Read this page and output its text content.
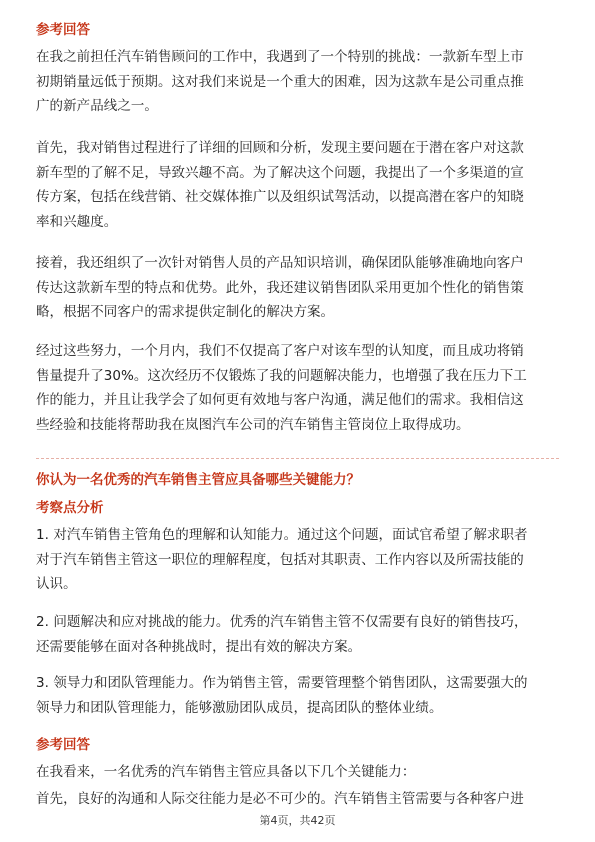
参考回答
在我之前担任汽车销售顾问的工作中，我遇到了一个特别的挑战：一款新车型上市
初期销量远低于预期。这对我们来说是一个重大的困难，因为这款车是公司重点推
广的新产品线之一。
首先，我对销售过程进行了详细的回顾和分析，发现主要问题在于潜在客户对这款
新车型的了解不足，导致兴趣不高。为了解决这个问题，我提出了一个多渠道的宣
传方案，包括在线营销、社交媒体推广以及组织试驾活动，以提高潜在客户的知晓
率和兴趣度。
接着，我还组织了一次针对销售人员的产品知识培训，确保团队能够准确地向客户
传达这款新车型的特点和优势。此外，我还建议销售团队采用更加个性化的销售策
略，根据不同客户的需求提供定制化的解决方案。
经过这些努力，一个月内，我们不仅提高了客户对该车型的认知度，而且成功将销
售量提升了30%。这次经历不仅锻炼了我的问题解决能力，也增强了我在压力下工
作的能力，并且让我学会了如何更有效地与客户沟通，满足他们的需求。我相信这
些经验和技能将帮助我在岚图汽车公司的汽车销售主管岗位上取得成功。
你认为一名优秀的汽车销售主管应具备哪些关键能力？
考察点分析
1. 对汽车销售主管角色的理解和认知能力。通过这个问题，面试官希望了解求职者
对于汽车销售主管这一职位的理解程度，包括对其职责、工作内容以及所需技能的
认识。
2. 问题解决和应对挑战的能力。优秀的汽车销售主管不仅需要有良好的销售技巧，
还需要能够在面对各种挑战时，提出有效的解决方案。
3. 领导力和团队管理能力。作为销售主管，需要管理整个销售团队，这需要强大的
领导力和团队管理能力，能够激励团队成员，提高团队的整体业绩。
参考回答
在我看来，一名优秀的汽车销售主管应具备以下几个关键能力：
首先，良好的沟通和人际交往能力是必不可少的。汽车销售主管需要与各种客户进
第4页，共42页
